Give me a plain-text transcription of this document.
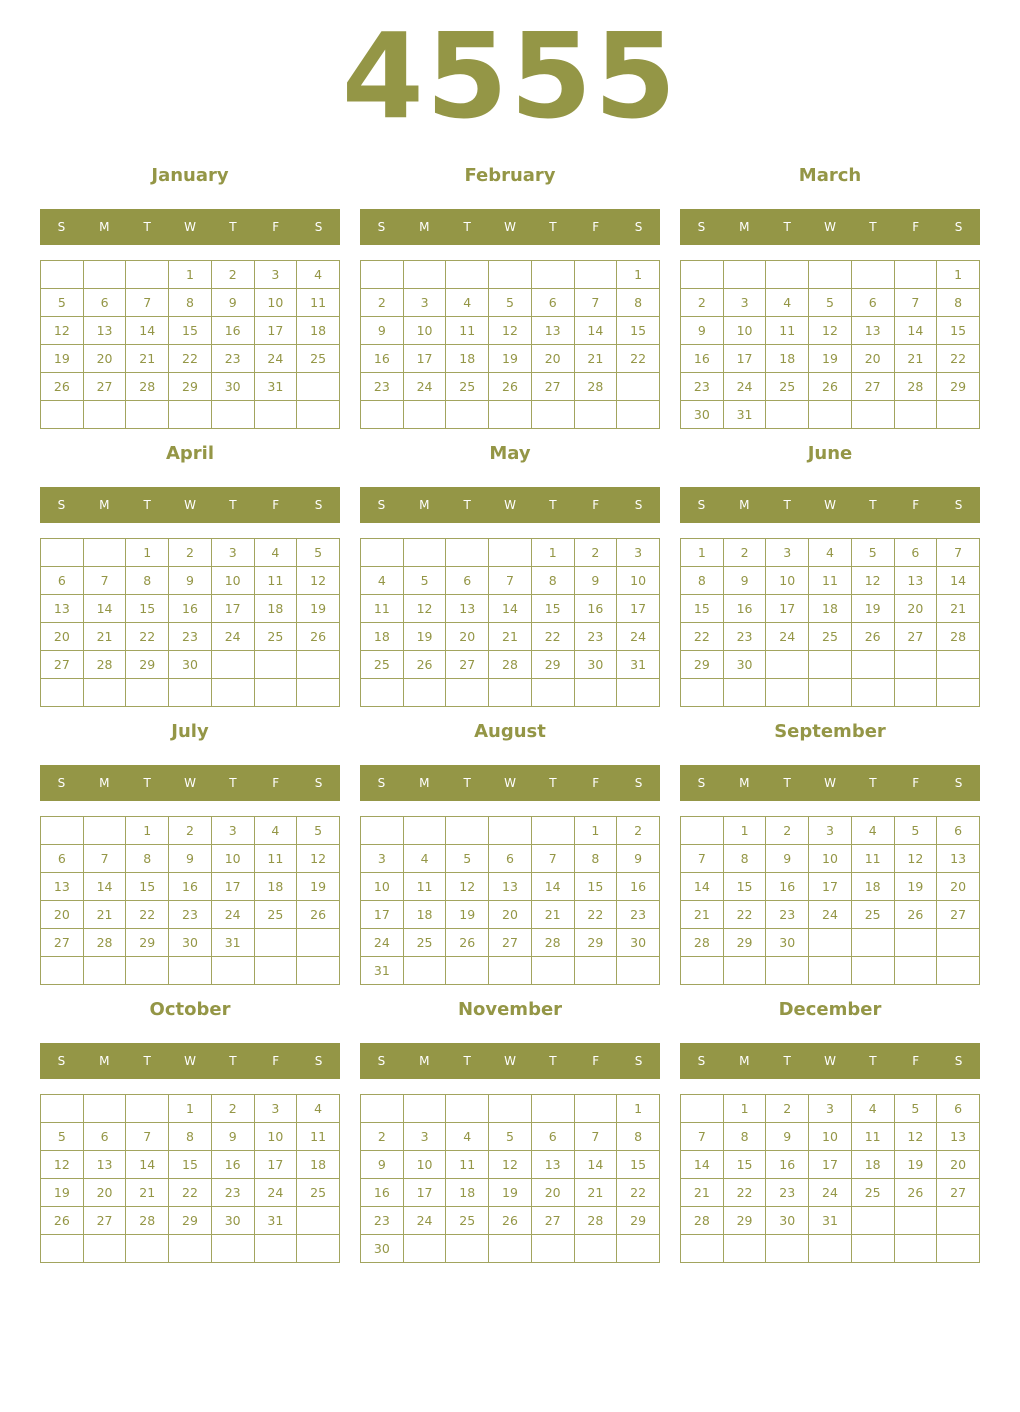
4555
January
S	M	T	W	T	F	S
			1	2	3	4
5	6	7	8	9	10	11
12	13	14	15	16	17	18
19	20	21	22	23	24	25
26	27	28	29	30	31	

February
S	M	T	W	T	F	S
						1
2	3	4	5	6	7	8
9	10	11	12	13	14	15
16	17	18	19	20	21	22
23	24	25	26	27	28	

March
S	M	T	W	T	F	S
						1
2	3	4	5	6	7	8
9	10	11	12	13	14	15
16	17	18	19	20	21	22
23	24	25	26	27	28	29
30	31					
April
S	M	T	W	T	F	S
		1	2	3	4	5
6	7	8	9	10	11	12
13	14	15	16	17	18	19
20	21	22	23	24	25	26
27	28	29	30			

May
S	M	T	W	T	F	S
				1	2	3
4	5	6	7	8	9	10
11	12	13	14	15	16	17
18	19	20	21	22	23	24
25	26	27	28	29	30	31

June
S	M	T	W	T	F	S
1	2	3	4	5	6	7
8	9	10	11	12	13	14
15	16	17	18	19	20	21
22	23	24	25	26	27	28
29	30					

July
S	M	T	W	T	F	S
		1	2	3	4	5
6	7	8	9	10	11	12
13	14	15	16	17	18	19
20	21	22	23	24	25	26
27	28	29	30	31		

August
S	M	T	W	T	F	S
					1	2
3	4	5	6	7	8	9
10	11	12	13	14	15	16
17	18	19	20	21	22	23
24	25	26	27	28	29	30
31						
September
S	M	T	W	T	F	S
	1	2	3	4	5	6
7	8	9	10	11	12	13
14	15	16	17	18	19	20
21	22	23	24	25	26	27
28	29	30				

October
S	M	T	W	T	F	S
			1	2	3	4
5	6	7	8	9	10	11
12	13	14	15	16	17	18
19	20	21	22	23	24	25
26	27	28	29	30	31	

November
S	M	T	W	T	F	S
						1
2	3	4	5	6	7	8
9	10	11	12	13	14	15
16	17	18	19	20	21	22
23	24	25	26	27	28	29
30						
December
S	M	T	W	T	F	S
	1	2	3	4	5	6
7	8	9	10	11	12	13
14	15	16	17	18	19	20
21	22	23	24	25	26	27
28	29	30	31			
